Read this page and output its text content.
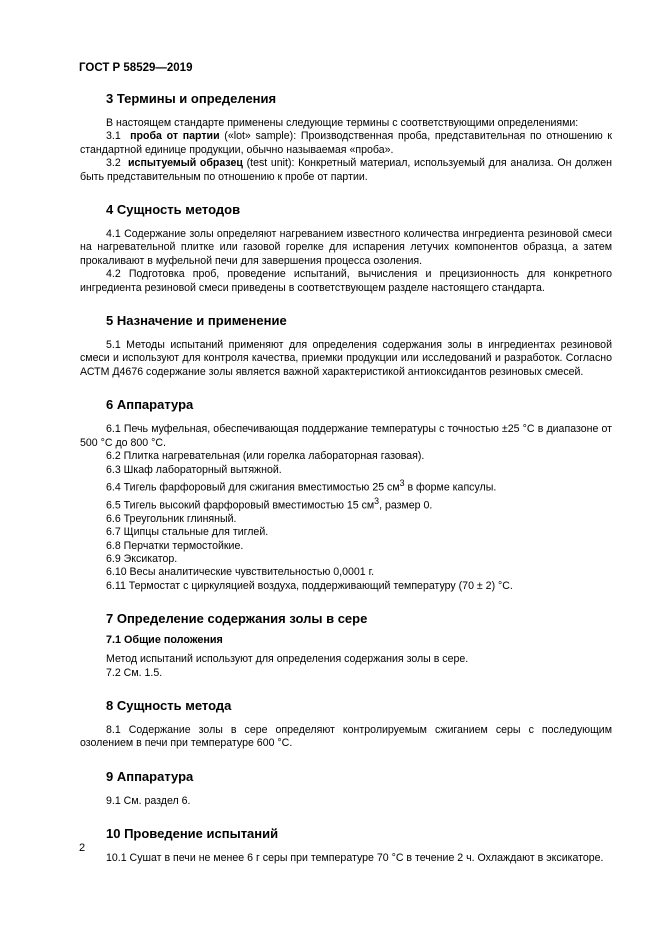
ГОСТ Р 58529—2019
3 Термины и определения

В настоящем стандарте применены следующие термины с соответствующими определениями:

3.1 проба от партии («lot» sample): Производственная проба, представительная по отношению к стандартной единице продукции, обычно называемая «проба».

3.2 испытуемый образец (test unit): Конкретный материал, используемый для анализа. Он должен быть представительным по отношению к пробе от партии.

4 Сущность методов

4.1 Содержание золы определяют нагреванием известного количества ингредиента резиновой смеси на нагревательной плитке или газовой горелке для испарения летучих компонентов образца, а затем прокаливают в муфельной печи для завершения процесса озоления.

4.2 Подготовка проб, проведение испытаний, вычисления и прецизионность для конкретного ингредиента резиновой смеси приведены в соответствующем разделе настоящего стандарта.

5 Назначение и применение

5.1 Методы испытаний применяют для определения содержания золы в ингредиентах резиновой смеси и используют для контроля качества, приемки продукции или исследований и разработок. Согласно АСТМ Д4676 содержание золы является важной характеристикой антиоксидантов резиновых смесей.

6 Аппаратура

6.1 Печь муфельная, обеспечивающая поддержание температуры с точностью ±25 °С в диапазоне от 500 °С до 800 °С.

6.2 Плитка нагревательная (или горелка лабораторная газовая).

6.3 Шкаф лабораторный вытяжной.

6.4 Тигель фарфоровый для сжигания вместимостью 25 $см^3$ в форме капсулы.

6.5 Тигель высокий фарфоровый вместимостью 15 $см^3$, размер 0.

6.6 Треугольник глиняный.

6.7 Щипцы стальные для тиглей.

6.8 Перчатки термостойкие.

6.9 Эксикатор.

6.10 Весы аналитические чувствительностью 0,0001 г.

6.11 Термостат с циркуляцией воздуха, поддерживающий температуру (70 ± 2) °С.

7 Определение содержания золы в сере
7.1 Общие положения

Метод испытаний используют для определения содержания золы в сере.

7.2 См. 1.5.

8 Сущность метода

8.1 Содержание золы в сере определяют контролируемым сжиганием серы с последующим озолением в печи при температуре 600 °С.

9 Аппаратура

9.1 См. раздел 6.

10 Проведение испытаний

10.1 Сушат в печи не менее 6 г серы при температуре 70 °С в течение 2 ч. Охлаждают в эксикаторе.

2
